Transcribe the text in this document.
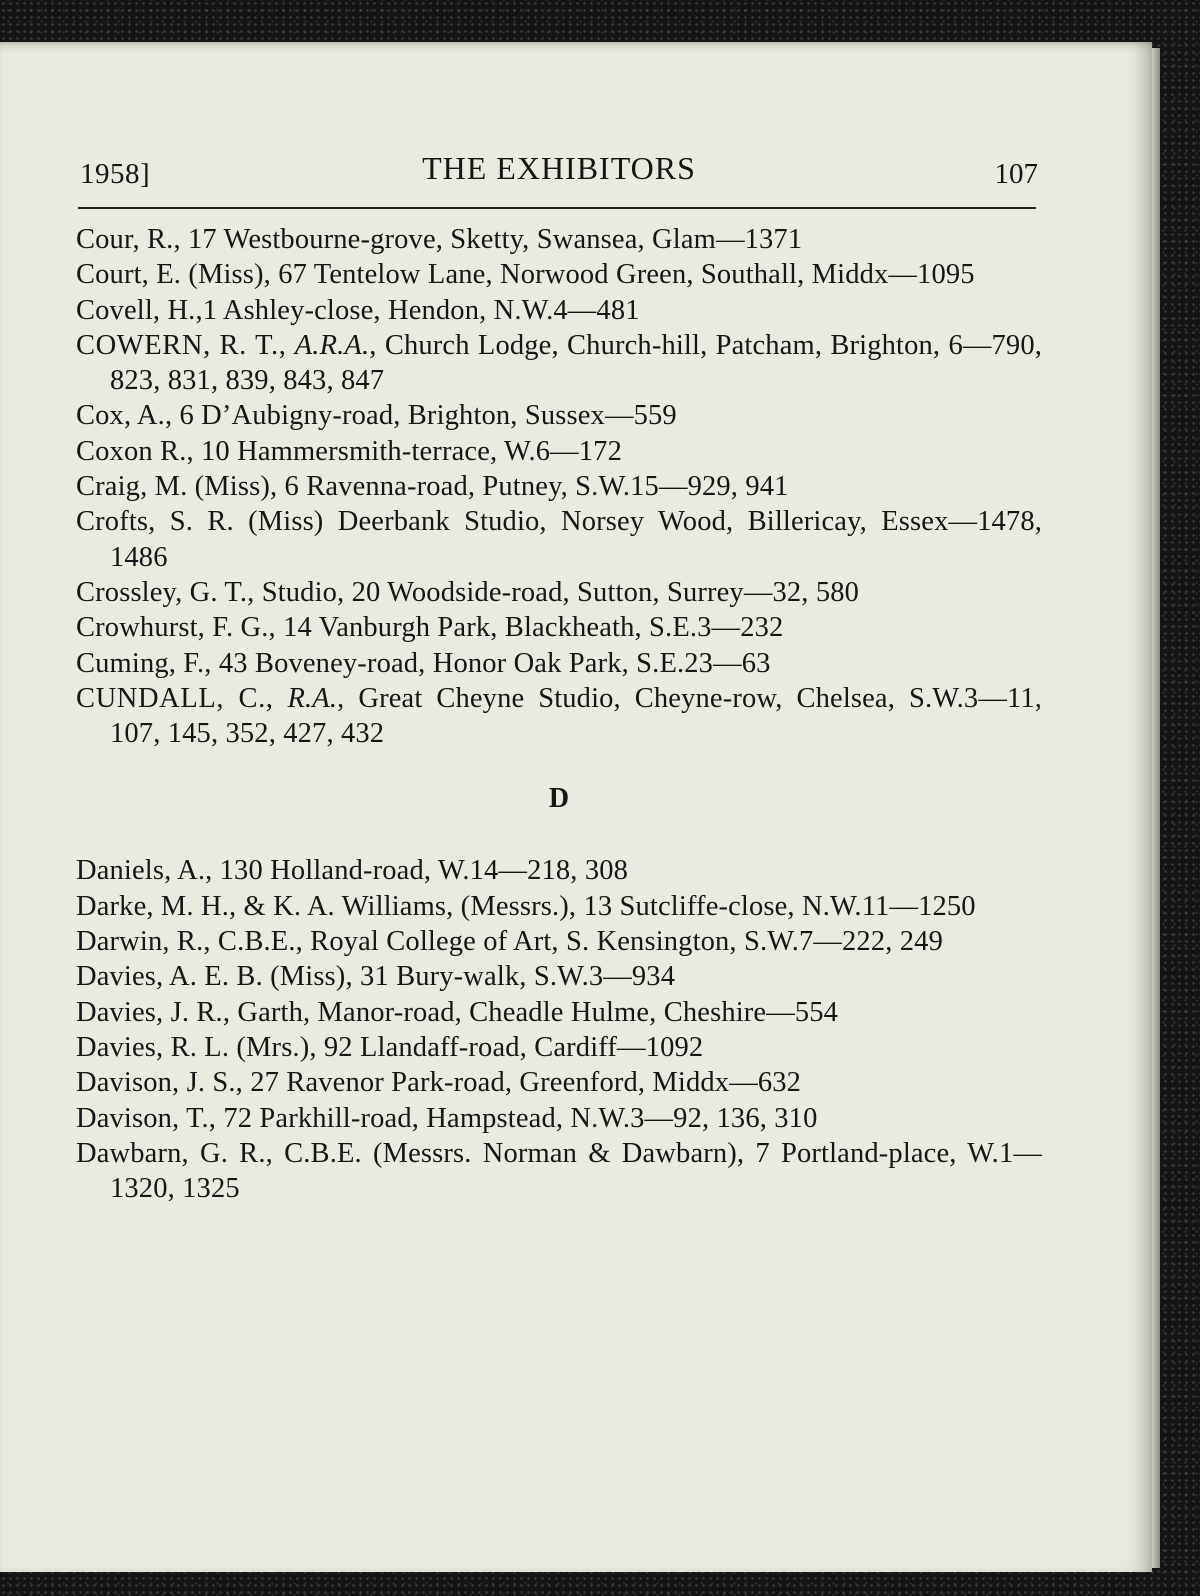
1958]	THE EXHIBITORS	107

Cour, R., 17 Westbourne-grove, Sketty, Swansea, Glam—1371

Court, E. (Miss), 67 Tentelow Lane, Norwood Green, Southall, Middx—1095

Covell, H.,1 Ashley-close, Hendon, N.W.4—481

COWERN, R. T., A.R.A., Church Lodge, Church-hill, Patcham, Brighton, 6—790, 823, 831, 839, 843, 847

Cox, A., 6 D’Aubigny-road, Brighton, Sussex—559

Coxon R., 10 Hammersmith-terrace, W.6—172

Craig, M. (Miss), 6 Ravenna-road, Putney, S.W.15—929, 941

Crofts, S. R. (Miss) Deerbank Studio, Norsey Wood, Billericay, Essex—1478, 1486

Crossley, G. T., Studio, 20 Woodside-road, Sutton, Surrey—32, 580

Crowhurst, F. G., 14 Vanburgh Park, Blackheath, S.E.3—232

Cuming, F., 43 Boveney-road, Honor Oak Park, S.E.23—63

CUNDALL, C., R.A., Great Cheyne Studio, Cheyne-row, Chelsea, S.W.3—11, 107, 145, 352, 427, 432

D

Daniels, A., 130 Holland-road, W.14—218, 308

Darke, M. H., & K. A. Williams, (Messrs.), 13 Sutcliffe-close, N.W.11—1250

Darwin, R., C.B.E., Royal College of Art, S. Kensington, S.W.7—222, 249

Davies, A. E. B. (Miss), 31 Bury-walk, S.W.3—934

Davies, J. R., Garth, Manor-road, Cheadle Hulme, Cheshire—554

Davies, R. L. (Mrs.), 92 Llandaff-road, Cardiff—1092

Davison, J. S., 27 Ravenor Park-road, Greenford, Middx—632

Davison, T., 72 Parkhill-road, Hampstead, N.W.3—92, 136, 310

Dawbarn, G. R., C.B.E. (Messrs. Norman & Dawbarn), 7 Portland-place, W.1—1320, 1325
